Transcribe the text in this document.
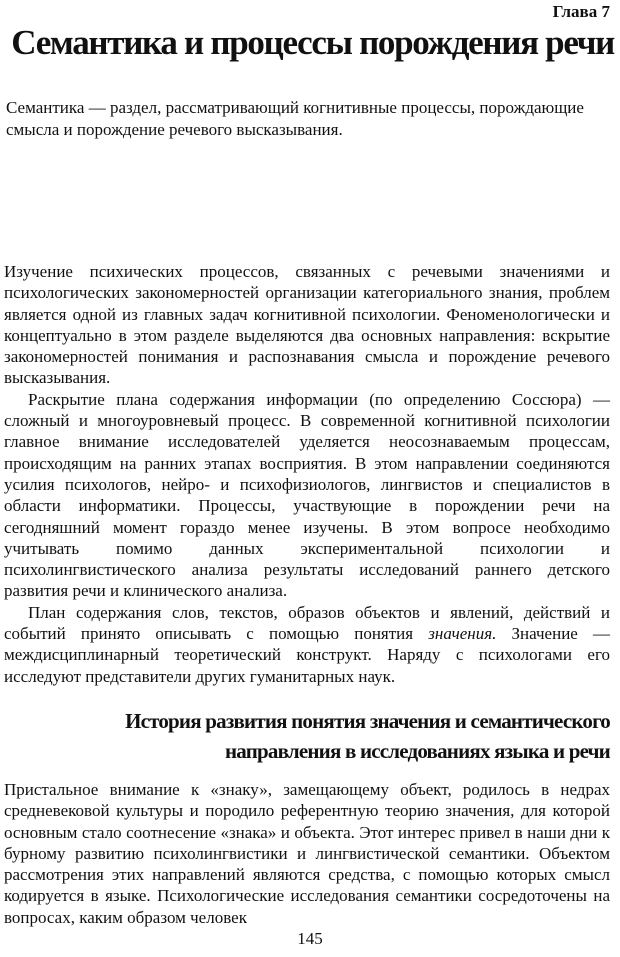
Глава 7
Семантика и процессы порождения речи
Семантика — раздел, рассматривающий когнитивные процессы, порождающие
смысла и порождение речевого высказывания.

Изучение психических процессов, связанных с речевыми значениями и психологических закономерностей организации категориального знания, проблем является одной из главных задач когнитивной психологии. Феноменологически и концептуально в этом разделе выделяются два основных направления: вскрытие закономерностей понимания и распознавания смысла и порождение речевого высказывания.

Раскрытие плана содержания информации (по определению Соссюра) — сложный и многоуровневый процесс. В современной когнитивной психологии главное внимание исследователей уделяется неосознаваемым процессам, происходящим на ранних этапах восприятия. В этом направлении соединяются усилия психологов, нейро- и психофизиологов, лингвистов и специалистов в области информатики. Процессы, участвующие в порождении речи на сегодняшний момент гораздо менее изучены. В этом вопросе необходимо учитывать помимо данных экспериментальной психологии и психолингвистического анализа результаты исследований раннего детского развития речи и клинического анализа.

План содержания слов, текстов, образов объектов и явлений, действий и событий принято описывать с помощью понятия значения. Значение — междисциплинарный теоретический конструкт. Наряду с психологами его исследуют представители других гуманитарных наук.

История развития понятия значения и семантического
направления в исследованиях языка и речи

Пристальное внимание к «знаку», замещающему объект, родилось в недрах средневековой культуры и породило референтную теорию значения, для которой основным стало соотнесение «знака» и объекта. Этот интерес привел в наши дни к бурному развитию психолингвистики и лингвистической семантики. Объектом рассмотрения этих направлений являются средства, с помощью которых смысл кодируется в языке. Психологические исследования семантики сосредоточены на вопросах, каким образом человек

145
